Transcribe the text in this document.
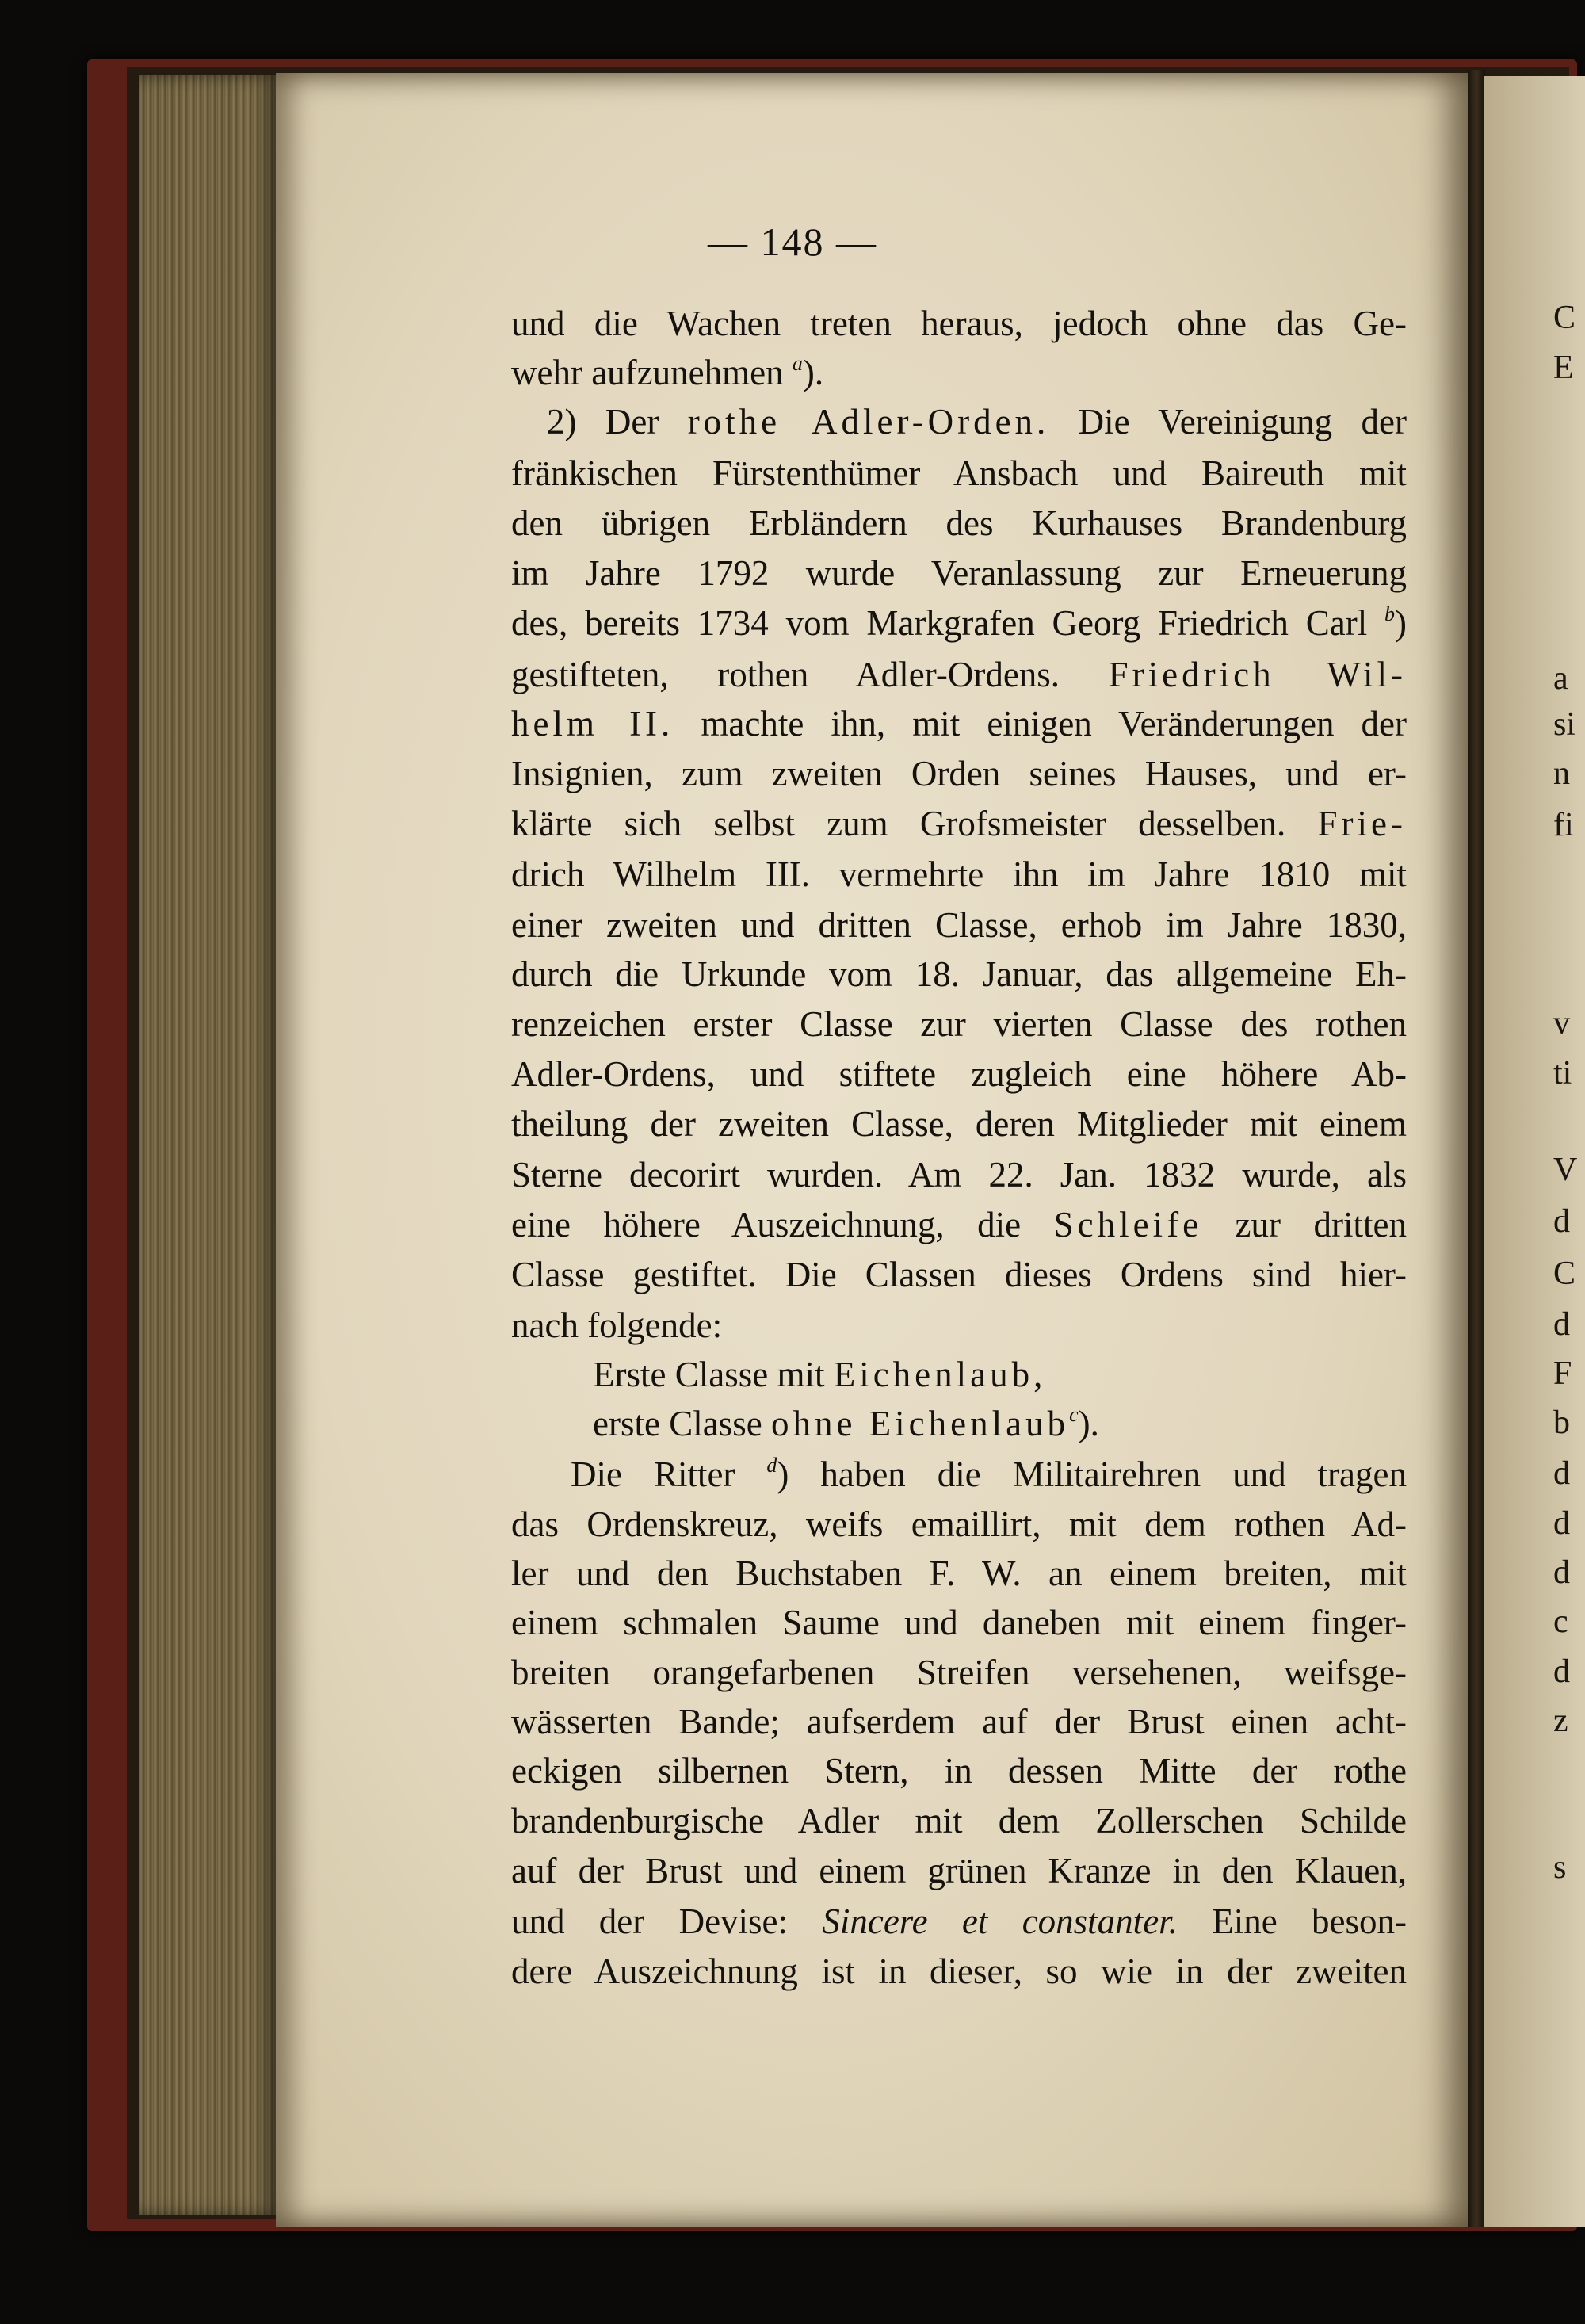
— 148 —
und die Wachen treten heraus, jedoch ohne das Ge-
wehr aufzunehmen $^a$).
2) Der rothe Adler-Orden. Die Vereinigung der
fränkischen Fürstenthümer Ansbach und Baireuth mit
den übrigen Erbländern des Kurhauses Brandenburg
im Jahre 1792 wurde Veranlassung zur Erneuerung
des, bereits 1734 vom Markgrafen Georg Friedrich Carl $^b$)
gestifteten, rothen Adler-Ordens. Friedrich Wil-
helm II. machte ihn, mit einigen Veränderungen der
Insignien, zum zweiten Orden seines Hauses, und er-
klärte sich selbst zum Grofsmeister desselben. Frie-
drich Wilhelm III. vermehrte ihn im Jahre 1810 mit
einer zweiten und dritten Classe, erhob im Jahre 1830,
durch die Urkunde vom 18. Januar, das allgemeine Eh-
renzeichen erster Classe zur vierten Classe des rothen
Adler-Ordens, und stiftete zugleich eine höhere Ab-
theilung der zweiten Classe, deren Mitglieder mit einem
Sterne decorirt wurden. Am 22. Jan. 1832 wurde, als
eine höhere Auszeichnung, die Schleife zur dritten
Classe gestiftet. Die Classen dieses Ordens sind hier-
nach folgende:
Erste Classe mit Eichenlaub,
erste Classe ohne Eichenlaub$^c$).
Die Ritter $^d$) haben die Militairehren und tragen
das Ordenskreuz, weifs emaillirt, mit dem rothen Ad-
ler und den Buchstaben F. W. an einem breiten, mit
einem schmalen Saume und daneben mit einem finger-
breiten orangefarbenen Streifen versehenen, weifsge-
wässerten Bande; aufserdem auf der Brust einen acht-
eckigen silbernen Stern, in dessen Mitte der rothe
brandenburgische Adler mit dem Zollerschen Schilde
auf der Brust und einem grünen Kranze in den Klauen,
und der Devise: Sincere et constanter. Eine beson-
dere Auszeichnung ist in dieser, so wie in der zweiten
C
E
a
si
n
fi
v
ti
V
d
C
d
F
b
d
d
d
c
d
z
s
